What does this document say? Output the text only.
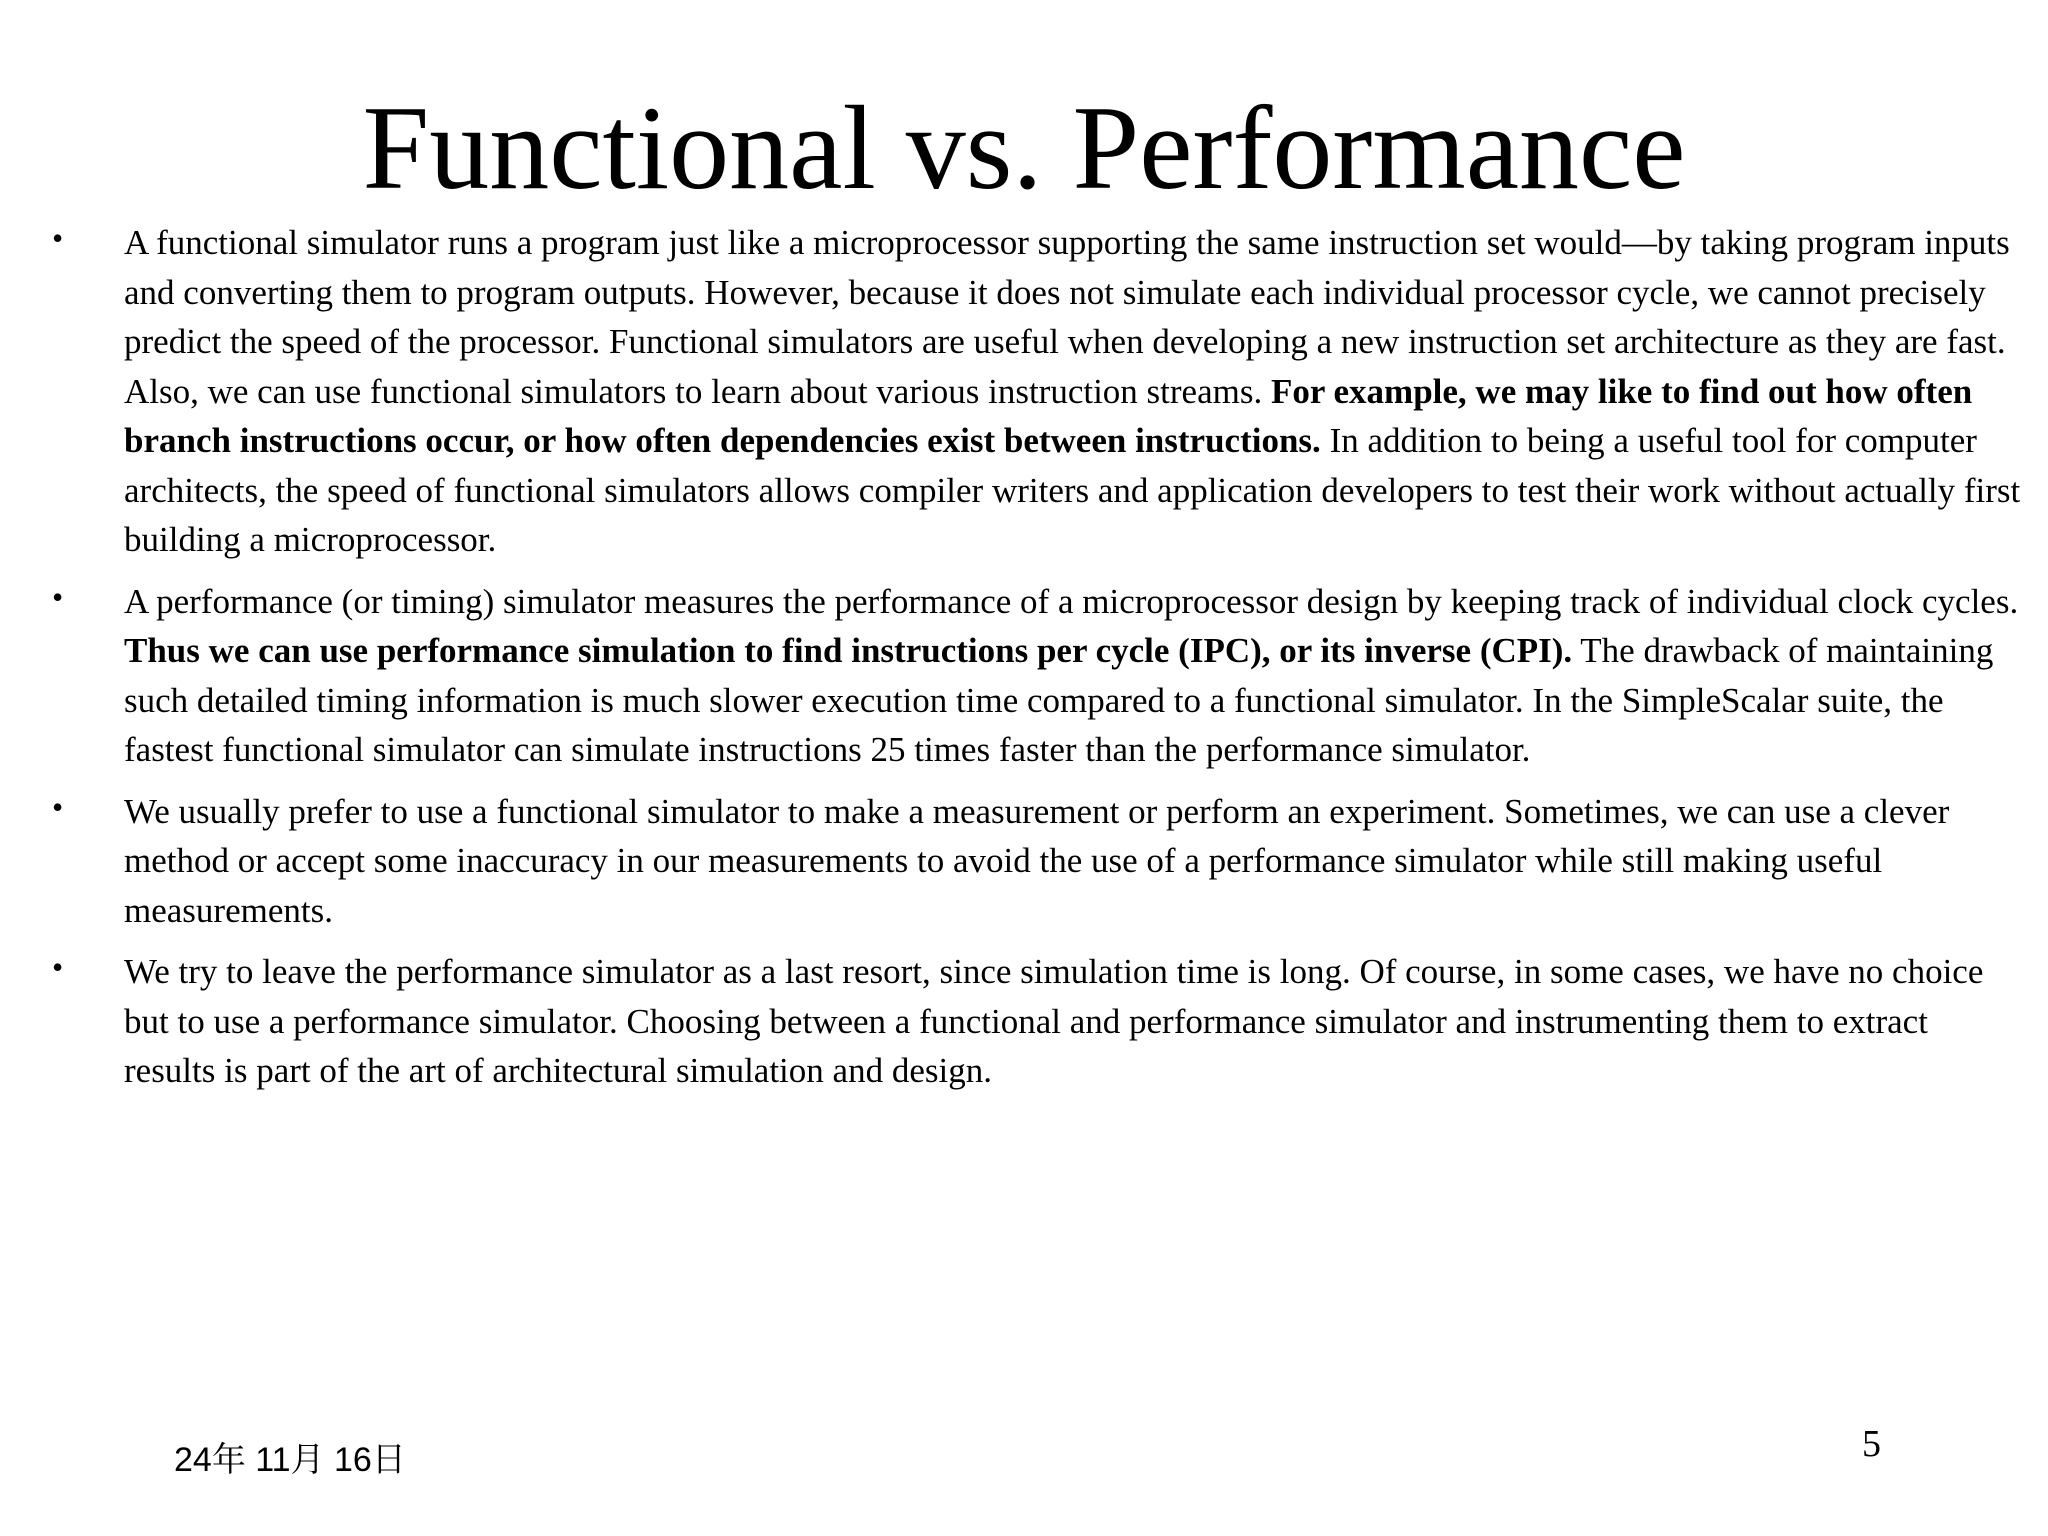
Functional vs. Performance
• A functional simulator runs a program just like a microprocessor supporting the same instruction set would—by taking program inputs and converting them to program outputs. However, because it does not simulate each individual processor cycle, we cannot precisely predict the speed of the processor. Functional simulators are useful when developing a new instruction set architecture as they are fast. Also, we can use functional simulators to learn about various instruction streams. For example, we may like to find out how often branch instructions occur, or how often dependencies exist between instructions. In addition to being a useful tool for computer architects, the speed of functional simulators allows compiler writers and application developers to test their work without actually first building a microprocessor.
• A performance (or timing) simulator measures the performance of a microprocessor design by keeping track of individual clock cycles. Thus we can use performance simulation to find instructions per cycle (IPC), or its inverse (CPI). The drawback of maintaining such detailed timing information is much slower execution time compared to a functional simulator. In the SimpleScalar suite, the fastest functional simulator can simulate instructions 25 times faster than the performance simulator.
• We usually prefer to use a functional simulator to make a measurement or perform an experiment. Sometimes, we can use a clever method or accept some inaccuracy in our measurements to avoid the use of a performance simulator while still making useful measurements.
• We try to leave the performance simulator as a last resort, since simulation time is long. Of course, in some cases, we have no choice but to use a performance simulator. Choosing between a functional and performance simulator and instrumenting them to extract results is part of the art of architectural simulation and design.
24年 11月 16日	5
